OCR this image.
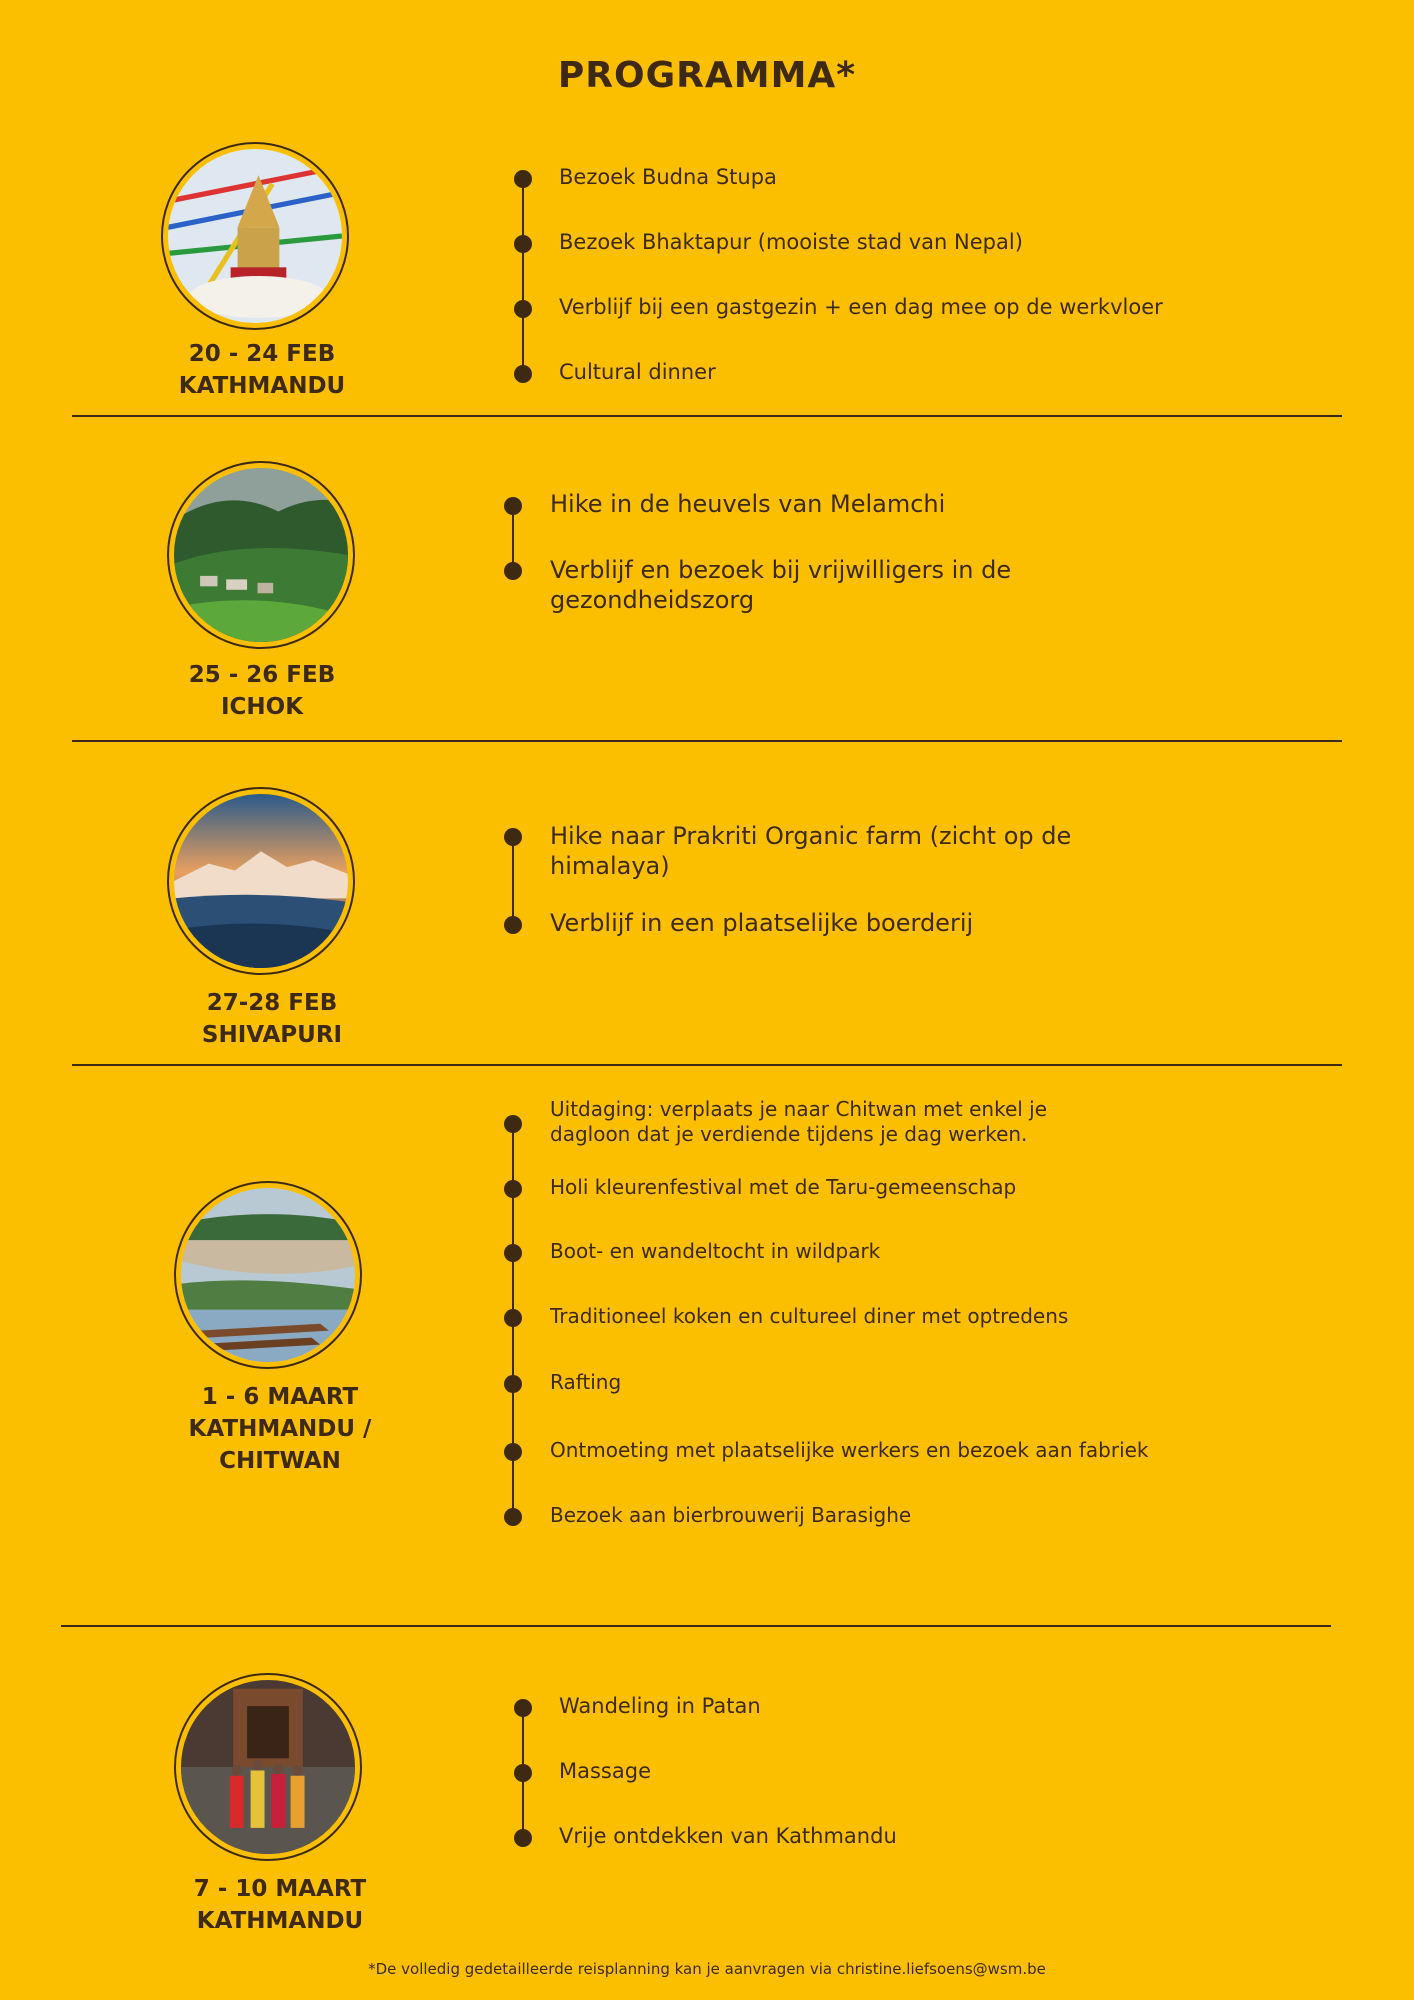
PROGRAMMA*
20 - 24 FEB
KATHMANDU
Bezoek Budna Stupa
Bezoek Bhaktapur (mooiste stad van Nepal)
Verblijf bij een gastgezin + een dag mee op de werkvloer
Cultural dinner
25 - 26 FEB
ICHOK
Hike in de heuvels van Melamchi
Verblijf en bezoek bij vrijwilligers in de
gezondheidszorg
27-28 FEB
SHIVAPURI
Hike naar Prakriti Organic farm (zicht op de
himalaya)
Verblijf in een plaatselijke boerderij
1 - 6 MAART
KATHMANDU /
CHITWAN
Uitdaging: verplaats je naar Chitwan met enkel je
dagloon dat je verdiende tijdens je dag werken.
Holi kleurenfestival met de Taru-gemeenschap
Boot- en wandeltocht in wildpark
Traditioneel koken en cultureel diner met optredens
Rafting
Ontmoeting met plaatselijke werkers en bezoek aan fabriek
Bezoek aan bierbrouwerij Barasighe
7 - 10 MAART
KATHMANDU
Wandeling in Patan
Massage
Vrije ontdekken van Kathmandu
*De volledig gedetailleerde reisplanning kan je aanvragen via christine.liefsoens@wsm.be
